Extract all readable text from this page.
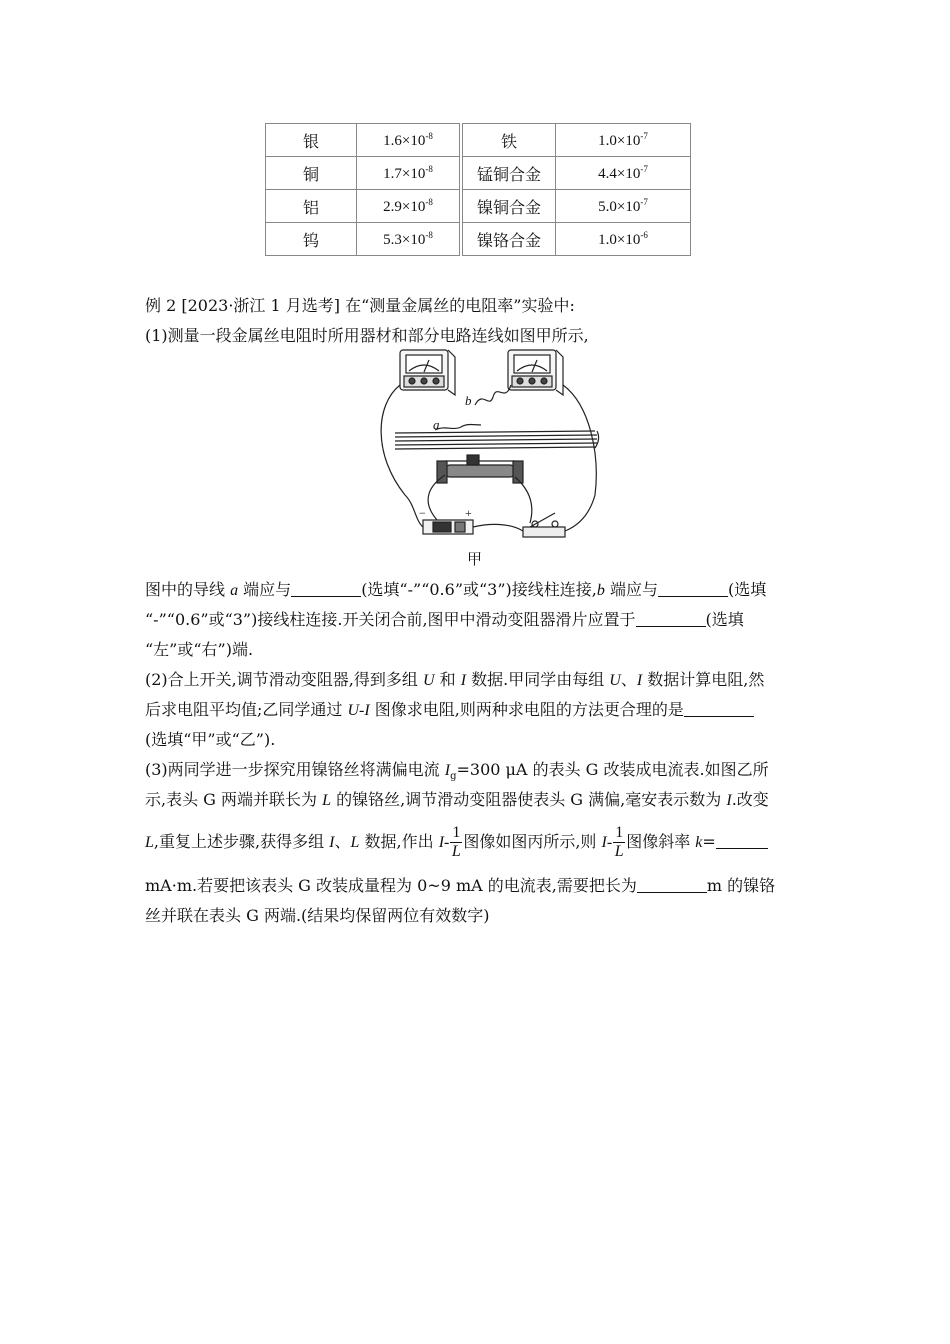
银	$1.6\times 10^{-8}$	铁	$1.0\times 10^{-7}$
铜	$1.7\times 10^{-8}$	锰铜合金	$4.4\times 10^{-7}$
铝	$2.9\times 10^{-8}$	镍铜合金	$5.0\times 10^{-7}$
钨	$5.3\times 10^{-8}$	镍铬合金	$1.0\times 10^{-6}$
例 2 [2023·浙江 1 月选考] 在“测量金属丝的电阻率”实验中:
(1)测量一段金属丝电阻时所用器材和部分电路连线如图甲所示,
a
b
−	+
甲
图中的导线 a 端应与	(选填“-”“0.6”或“3”)接线柱连接,b 端应与	(选填
“-”“0.6”或“3”)接线柱连接.开关闭合前,图甲中滑动变阻器滑片应置于	(选填
“左”或“右”)端.
(2)合上开关,调节滑动变阻器,得到多组 U 和 I 数据.甲同学由每组 U、I 数据计算电阻,然
后求电阻平均值;乙同学通过 U-I 图像求电阻,则两种求电阻的方法更合理的是
(选填“甲”或“乙”).
(3)两同学进一步探究用镍铬丝将满偏电流 $I_g=300$ μA 的表头 G 改装成电流表.如图乙所
示,表头 G 两端并联长为 L 的镍铬丝,调节滑动变阻器使表头 G 满偏,毫安表示数为 I.改变
L,重复上述步骤,获得多组 I、L 数据,作出 $I- \frac{1}{L}$ 图像如图丙所示,则 $I- \frac{1}{L}$ 图像斜率 k=
mA·m.若要把该表头 G 改装成量程为 0~9 mA 的电流表,需要把长为	m 的镍铬
丝并联在表头 G 两端.(结果均保留两位有效数字)
